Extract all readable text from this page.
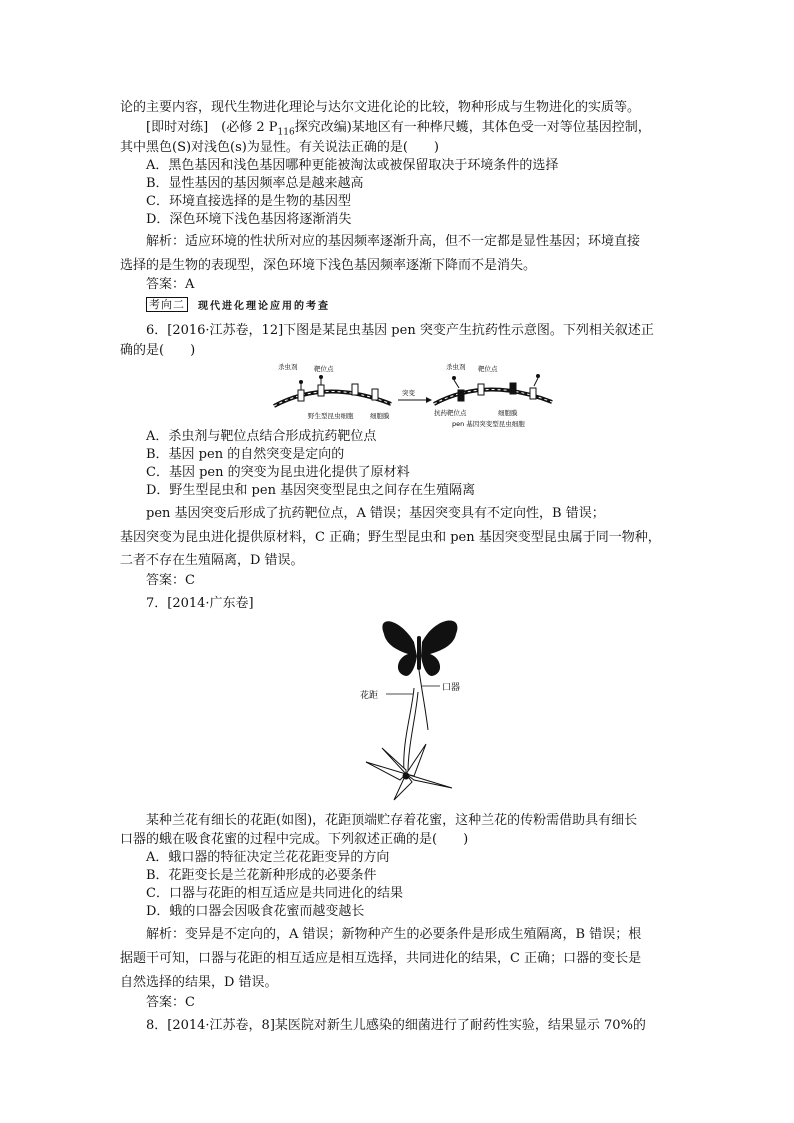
论的主要内容，现代生物进化理论与达尔文进化论的比较，物种形成与生物进化的实质等。
[即时对练]　(必修 2 $P_{116}$探究改编)某地区有一种桦尺蠖，其体色受一对等位基因控制，
其中黑色(S)对浅色(s)为显性。有关说法正确的是(　　)
A．黑色基因和浅色基因哪种更能被淘汰或被保留取决于环境条件的选择
B．显性基因的基因频率总是越来越高
C．环境直接选择的是生物的基因型
D．深色环境下浅色基因将逐渐消失
解析：适应环境的性状所对应的基因频率逐渐升高，但不一定都是显性基因；环境直接
选择的是生物的表现型，深色环境下浅色基因频率逐渐下降而不是消失。
答案：A
考向二	现代进化理论应用的考查
6．[2016·江苏卷，12]下图是某昆虫基因 pen 突变产生抗药性示意图。下列相关叙述正
确的是(　　)
杀虫剂	靶位点
野生型昆虫细胞	细胞膜
突变
杀虫剂 靶位点
抗药靶位点	细胞膜
pen 基因突变型昆虫细胞
A．杀虫剂与靶位点结合形成抗药靶位点
B．基因 pen 的自然突变是定向的
C．基因 pen 的突变为昆虫进化提供了原材料
D．野生型昆虫和 pen 基因突变型昆虫之间存在生殖隔离
pen 基因突变后形成了抗药靶位点，A 错误；基因突变具有不定向性，B 错误；
基因突变为昆虫进化提供原材料，C 正确；野生型昆虫和 pen 基因突变型昆虫属于同一物种，
二者不存在生殖隔离，D 错误。
答案：C
7．[2014·广东卷]
花距
口器
某种兰花有细长的花距(如图)，花距顶端贮存着花蜜，这种兰花的传粉需借助具有细长
口器的蛾在吸食花蜜的过程中完成。下列叙述正确的是(　　)
A．蛾口器的特征决定兰花花距变异的方向
B．花距变长是兰花新种形成的必要条件
C．口器与花距的相互适应是共同进化的结果
D．蛾的口器会因吸食花蜜而越变越长
解析：变异是不定向的，A 错误；新物种产生的必要条件是形成生殖隔离，B 错误；根
据题干可知，口器与花距的相互适应是相互选择，共同进化的结果，C 正确；口器的变长是
自然选择的结果，D 错误。
答案：C
8．[2014·江苏卷，8]某医院对新生儿感染的细菌进行了耐药性实验，结果显示 70%的
